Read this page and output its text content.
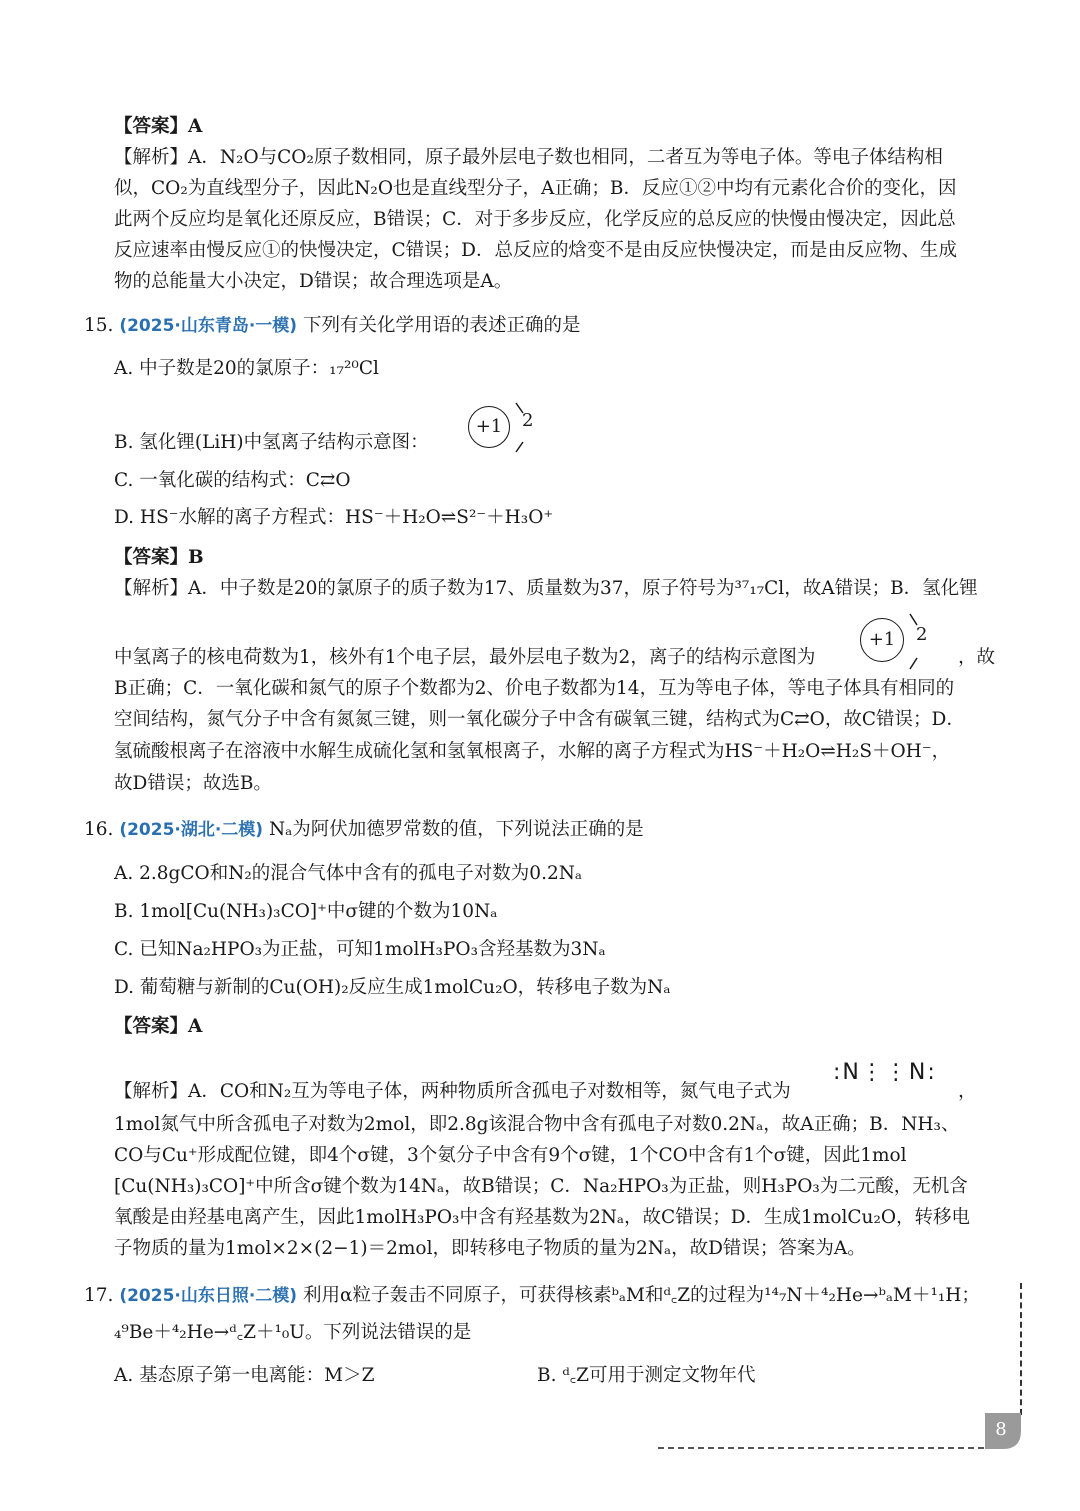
【答案】A
【解析】A．N₂O与CO₂原子数相同，原子最外层电子数也相同，二者互为等电子体。等电子体结构相
似，CO₂为直线型分子，因此N₂O也是直线型分子，A正确；B．反应①②中均有元素化合价的变化，因
此两个反应均是氧化还原反应，B错误；C．对于多步反应，化学反应的总反应的快慢由慢决定，因此总
反应速率由慢反应①的快慢决定，C错误；D．总反应的焓变不是由反应快慢决定，而是由反应物、生成
物的总能量大小决定，D错误；故合理选项是A。
15. (2025·山东青岛·一模) 下列有关化学用语的表述正确的是
A. 中子数是20的氯原子：₁₇²⁰Cl
B. 氢化锂(LiH)中氢离子结构示意图：
+1	2
C. 一氧化碳的结构式：C⇄O
D. HS⁻水解的离子方程式：HS⁻＋H₂O⇌S²⁻＋H₃O⁺
【答案】B
【解析】A．中子数是20的氯原子的质子数为17、质量数为37，原子符号为³⁷₁₇Cl，故A错误；B．氢化锂
中氢离子的核电荷数为1，核外有1个电子层，最外层电子数为2，离子的结构示意图为
+1	2
，故
B正确；C．一氧化碳和氮气的原子个数都为2、价电子数都为14，互为等电子体，等电子体具有相同的
空间结构，氮气分子中含有氮氮三键，则一氧化碳分子中含有碳氧三键，结构式为C⇄O，故C错误；D．
氢硫酸根离子在溶液中水解生成硫化氢和氢氧根离子，水解的离子方程式为HS⁻＋H₂O⇌H₂S＋OH⁻，
故D错误；故选B。
16. (2025·湖北·二模) Nₐ为阿伏加德罗常数的值，下列说法正确的是
A. 2.8gCO和N₂的混合气体中含有的孤电子对数为0.2Nₐ
B. 1mol[Cu(NH₃)₃CO]⁺中σ键的个数为10Nₐ
C. 已知Na₂HPO₃为正盐，可知1molH₃PO₃含羟基数为3Nₐ
D. 葡萄糖与新制的Cu(OH)₂反应生成1molCu₂O，转移电子数为Nₐ
【答案】A
【解析】A．CO和N₂互为等电子体，两种物质所含孤电子对数相等，氮气电子式为
:N⋮⋮N:
，
1mol氮气中所含孤电子对数为2mol，即2.8g该混合物中含有孤电子对数0.2Nₐ，故A正确；B．NH₃、
CO与Cu⁺形成配位键，即4个σ键，3个氨分子中含有9个σ键，1个CO中含有1个σ键，因此1mol
[Cu(NH₃)₃CO]⁺中所含σ键个数为14Nₐ，故B错误；C．Na₂HPO₃为正盐，则H₃PO₃为二元酸，无机含
氧酸是由羟基电离产生，因此1molH₃PO₃中含有羟基数为2Nₐ，故C错误；D．生成1molCu₂O，转移电
子物质的量为1mol×2×(2−1)＝2mol，即转移电子物质的量为2Nₐ，故D错误；答案为A。
17. (2025·山东日照·二模) 利用α粒子轰击不同原子，可获得核素ᵇₐM和ᵈ꜀Z的过程为¹⁴₇N＋⁴₂He→ᵇₐM＋¹₁H；
₄⁹Be＋⁴₂He→ᵈ꜀Z＋¹₀U。下列说法错误的是
A. 基态原子第一电离能：M＞Z	B. ᵈ꜀Z可用于测定文物年代
8
